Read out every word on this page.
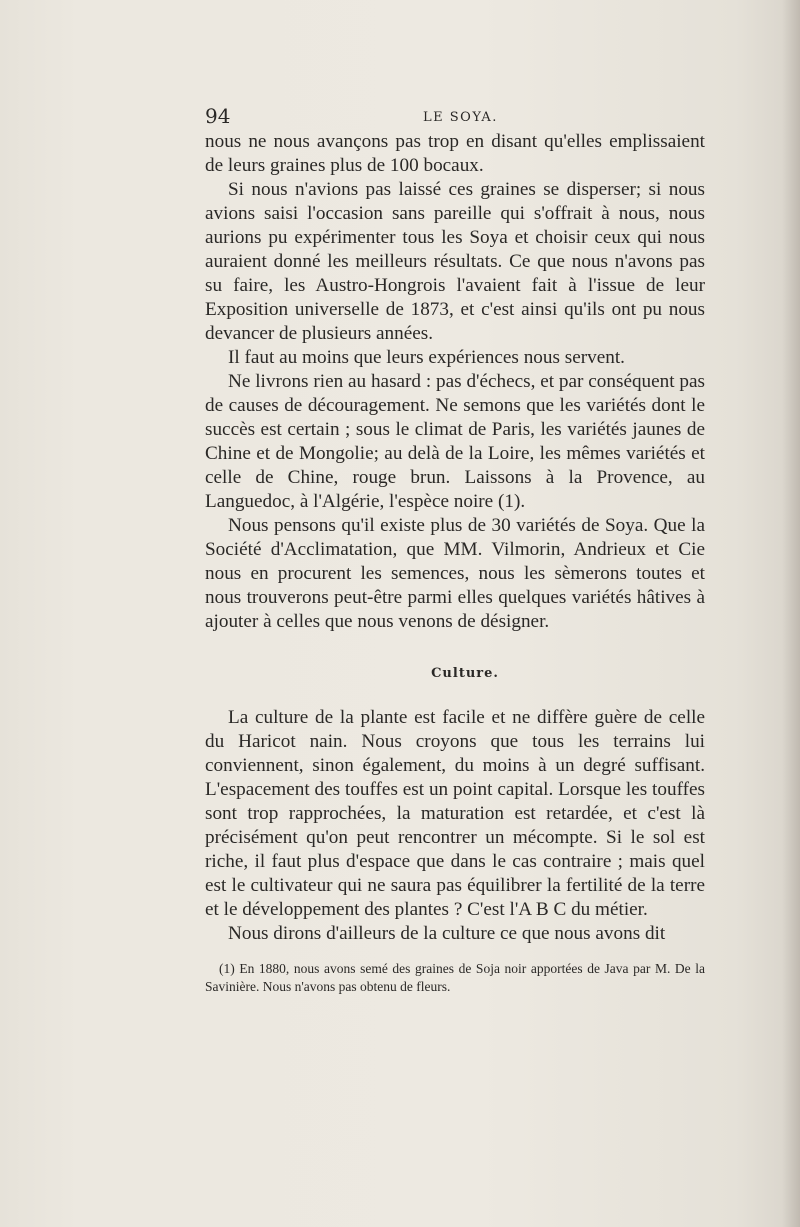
94	LE SOYA.

nous ne nous avançons pas trop en disant qu'elles emplissaient de leurs graines plus de 100 bocaux.

Si nous n'avions pas laissé ces graines se disperser; si nous avions saisi l'occasion sans pareille qui s'offrait à nous, nous aurions pu expérimenter tous les Soya et choisir ceux qui nous auraient donné les meilleurs résultats. Ce que nous n'avons pas su faire, les Austro-Hongrois l'avaient fait à l'issue de leur Exposition universelle de 1873, et c'est ainsi qu'ils ont pu nous devancer de plusieurs années.

Il faut au moins que leurs expériences nous servent.

Ne livrons rien au hasard : pas d'échecs, et par conséquent pas de causes de découragement. Ne semons que les variétés dont le succès est certain ; sous le climat de Paris, les variétés jaunes de Chine et de Mongolie; au delà de la Loire, les mêmes variétés et celle de Chine, rouge brun. Laissons à la Provence, au Languedoc, à l'Algérie, l'espèce noire (1).

Nous pensons qu'il existe plus de 30 variétés de Soya. Que la Société d'Acclimatation, que MM. Vilmorin, Andrieux et Cie nous en procurent les semences, nous les sèmerons toutes et nous trouverons peut-être parmi elles quelques variétés hâtives à ajouter à celles que nous venons de désigner.

Culture.

La culture de la plante est facile et ne diffère guère de celle du Haricot nain. Nous croyons que tous les terrains lui conviennent, sinon également, du moins à un degré suffisant. L'espacement des touffes est un point capital. Lorsque les touffes sont trop rapprochées, la maturation est retardée, et c'est là précisément qu'on peut rencontrer un mécompte. Si le sol est riche, il faut plus d'espace que dans le cas contraire ; mais quel est le cultivateur qui ne saura pas équilibrer la fertilité de la terre et le développement des plantes ? C'est l'A B C du métier.

Nous dirons d'ailleurs de la culture ce que nous avons dit

(1) En 1880, nous avons semé des graines de Soja noir apportées de Java par M. De la Savinière. Nous n'avons pas obtenu de fleurs.
